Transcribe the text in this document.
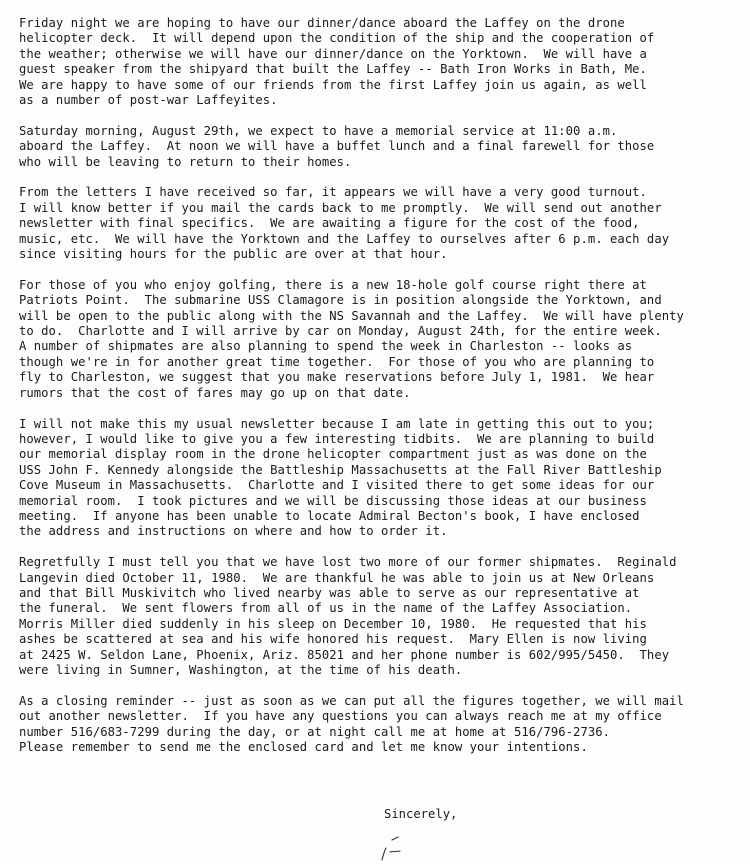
Friday night we are hoping to have our dinner/dance aboard the Laffey on the drone
helicopter deck.  It will depend upon the condition of the ship and the cooperation of
the weather; otherwise we will have our dinner/dance on the Yorktown.  We will have a
guest speaker from the shipyard that built the Laffey -- Bath Iron Works in Bath, Me.
We are happy to have some of our friends from the first Laffey join us again, as well
as a number of post-war Laffeyites.

Saturday morning, August 29th, we expect to have a memorial service at 11:00 a.m.
aboard the Laffey.  At noon we will have a buffet lunch and a final farewell for those
who will be leaving to return to their homes.

From the letters I have received so far, it appears we will have a very good turnout.
I will know better if you mail the cards back to me promptly.  We will send out another
newsletter with final specifics.  We are awaiting a figure for the cost of the food,
music, etc.  We will have the Yorktown and the Laffey to ourselves after 6 p.m. each day
since visiting hours for the public are over at that hour.

For those of you who enjoy golfing, there is a new 18-hole golf course right there at
Patriots Point.  The submarine USS Clamagore is in position alongside the Yorktown, and
will be open to the public along with the NS Savannah and the Laffey.  We will have plenty
to do.  Charlotte and I will arrive by car on Monday, August 24th, for the entire week.
A number of shipmates are also planning to spend the week in Charleston -- looks as
though we're in for another great time together.  For those of you who are planning to
fly to Charleston, we suggest that you make reservations before July 1, 1981.  We hear
rumors that the cost of fares may go up on that date.

I will not make this my usual newsletter because I am late in getting this out to you;
however, I would like to give you a few interesting tidbits.  We are planning to build
our memorial display room in the drone helicopter compartment just as was done on the
USS John F. Kennedy alongside the Battleship Massachusetts at the Fall River Battleship
Cove Museum in Massachusetts.  Charlotte and I visited there to get some ideas for our
memorial room.  I took pictures and we will be discussing those ideas at our business
meeting.  If anyone has been unable to locate Admiral Becton's book, I have enclosed
the address and instructions on where and how to order it.

Regretfully I must tell you that we have lost two more of our former shipmates.  Reginald
Langevin died October 11, 1980.  We are thankful he was able to join us at New Orleans
and that Bill Muskivitch who lived nearby was able to serve as our representative at
the funeral.  We sent flowers from all of us in the name of the Laffey Association.
Morris Miller died suddenly in his sleep on December 10, 1980.  He requested that his
ashes be scattered at sea and his wife honored his request.  Mary Ellen is now living
at 2425 W. Seldon Lane, Phoenix, Ariz. 85021 and her phone number is 602/995/5450.  They
were living in Sumner, Washington, at the time of his death.

As a closing reminder -- just as soon as we can put all the figures together, we will mail
out another newsletter.  If you have any questions you can always reach me at my office
number 516/683-7299 during the day, or at night call me at home at 516/796-2736.
Please remember to send me the enclosed card and let me know your intentions.

Sincerely,
